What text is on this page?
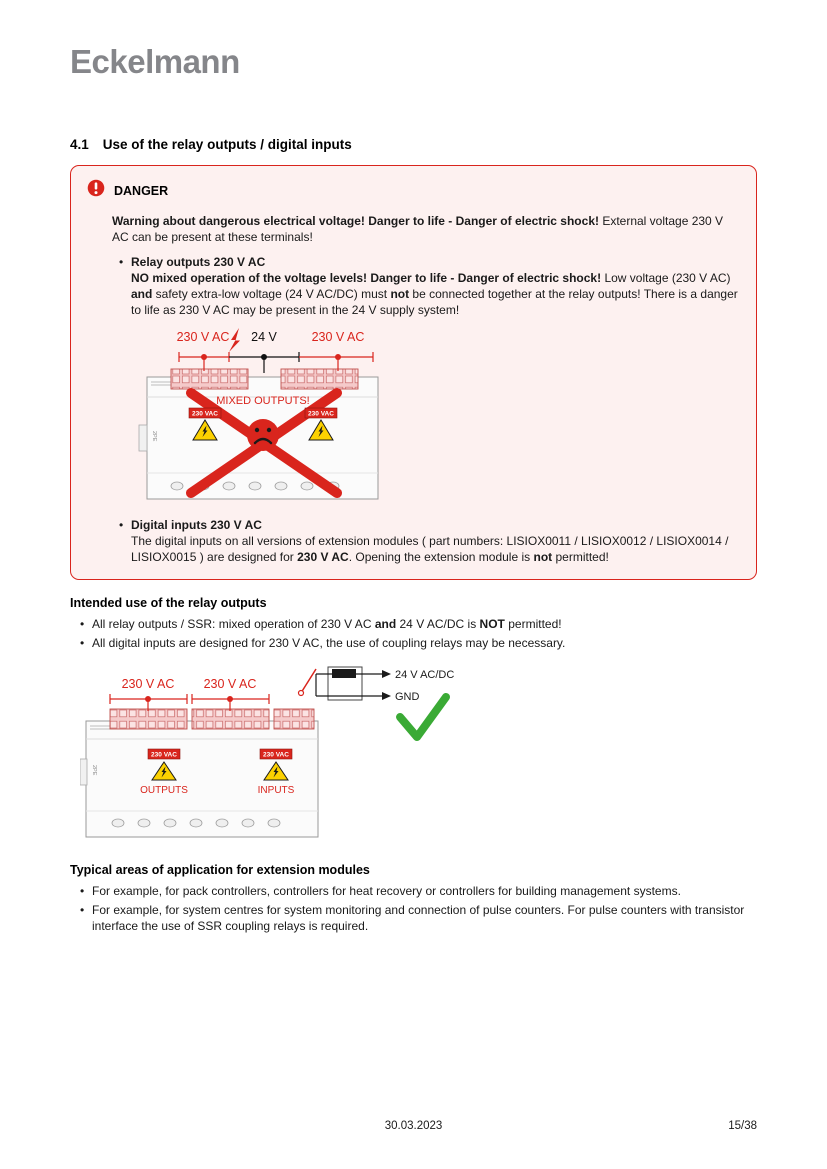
Eckelmann
4.1 Use of the relay outputs / digital inputs
DANGER

Warning about dangerous electrical voltage! Danger to life - Danger of electric shock! External voltage 230 V AC can be present at these terminals!

• Relay outputs 230 V AC
NO mixed operation of the voltage levels! Danger to life - Danger of electric shock! Low voltage (230 V AC) and safety extra-low voltage (24 V AC/DC) must not be connected together at the relay outputs! There is a danger to life as 230 V AC may be present in the 24 V supply system!
2PE
230 V AC 24 V	230 V AC
MIXED OUTPUTS!
230 VAC	230 VAC
• Digital inputs 230 V AC
The digital inputs on all versions of extension modules ( part numbers: LISIOX0011 / LISIOX0012 / LISIOX0014 / LISIOX0015 ) are designed for 230 V AC. Opening the extension module is not permitted!
Intended use of the relay outputs
• All relay outputs / SSR: mixed operation of 230 V AC and 24 V AC/DC is NOT permitted!
• All digital inputs are designed for 230 V AC, the use of coupling relays may be necessary.
2PE
230 V AC 230 V AC
24 V AC/DC
GND
230 VAC
OUTPUTS
230 VAC
INPUTS
Typical areas of application for extension modules
• For example, for pack controllers, controllers for heat recovery or controllers for building management systems.
• For example, for system centres for system monitoring and connection of pulse counters. For pulse counters with transistor interface the use of SSR coupling relays is required.
30.03.2023	15/38
